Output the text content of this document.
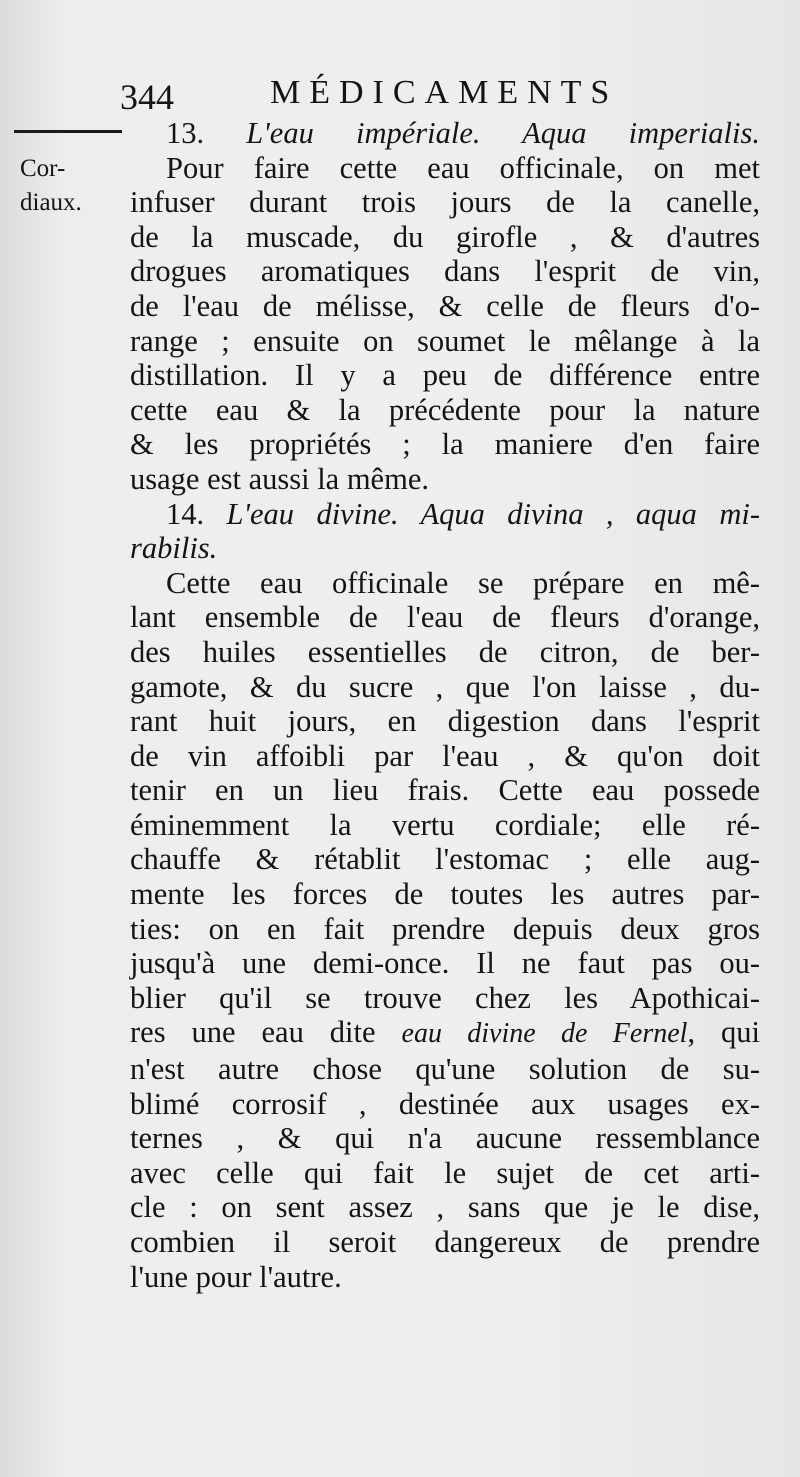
344	MÉDICAMENTS
Cor-
diaux.

13. L'eau impériale. Aqua imperialis.
Pour faire cette eau officinale, on met
infuser durant trois jours de la canelle,
de la muscade, du girofle , & d'autres
drogues aromatiques dans l'esprit de vin,
de l'eau de mélisse, & celle de fleurs d'o-
range ; ensuite on soumet le mêlange à la
distillation. Il y a peu de différence entre
cette eau & la précédente pour la nature
& les propriétés ; la maniere d'en faire
usage est aussi la même.

14. L'eau divine. Aqua divina , aqua mi-
rabilis.

Cette eau officinale se prépare en mê-
lant ensemble de l'eau de fleurs d'orange,
des huiles essentielles de citron, de ber-
gamote, & du sucre , que l'on laisse , du-
rant huit jours, en digestion dans l'esprit
de vin affoibli par l'eau , & qu'on doit
tenir en un lieu frais. Cette eau possede
éminemment la vertu cordiale; elle ré-
chauffe & rétablit l'estomac ; elle aug-
mente les forces de toutes les autres par-
ties: on en fait prendre depuis deux gros
jusqu'à une demi-once. Il ne faut pas ou-
blier qu'il se trouve chez les Apothicai-
res une eau dite eau divine de Fernel, qui
n'est autre chose qu'une solution de su-
blimé corrosif , destinée aux usages ex-
ternes , & qui n'a aucune ressemblance
avec celle qui fait le sujet de cet arti-
cle : on sent assez , sans que je le dise,
combien il seroit dangereux de prendre
l'une pour l'autre.
